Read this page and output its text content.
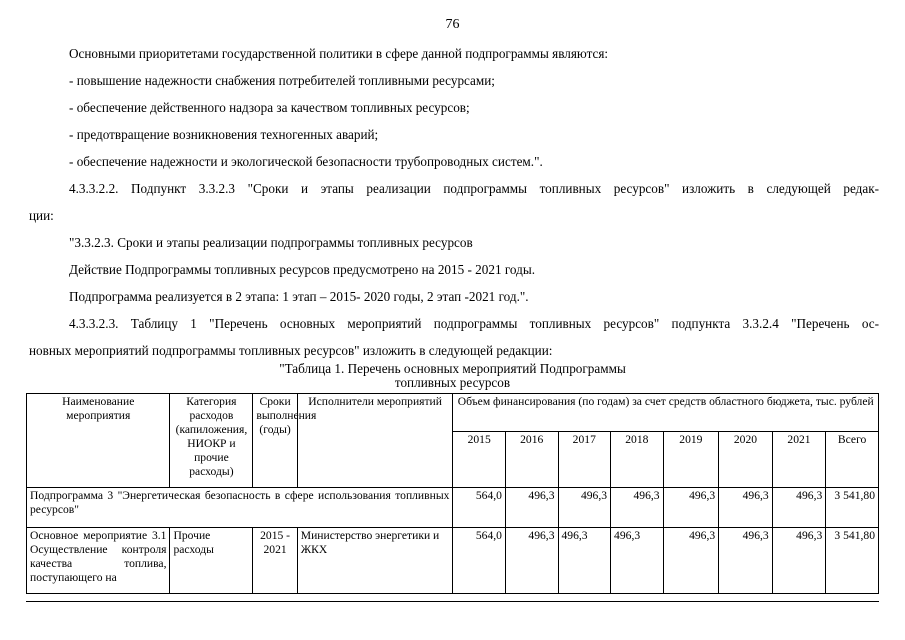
76
Основными приоритетами государственной политики в сфере данной подпрограммы являются:
- повышение надежности снабжения потребителей топливными ресурсами;
- обеспечение действенного надзора за качеством топливных ресурсов;
- предотвращение возникновения техногенных аварий;
- обеспечение надежности и экологической безопасности трубопроводных систем.".
4.3.3.2.2. Подпункт 3.3.2.3 "Сроки и этапы реализации подпрограммы топливных ресурсов" изложить в следующей редак-
ции:
"3.3.2.3. Сроки и этапы реализации подпрограммы топливных ресурсов
Действие Подпрограммы топливных ресурсов предусмотрено на 2015 - 2021 годы.
Подпрограмма реализуется в 2 этапа: 1 этап – 2015- 2020 годы, 2 этап -2021 год.".
4.3.3.2.3. Таблицу 1 "Перечень основных мероприятий подпрограммы топливных ресурсов" подпункта 3.3.2.4 "Перечень ос-
новных мероприятий подпрограммы топливных ресурсов" изложить в следующей редакции:
"Таблица 1. Перечень основных мероприятий Подпрограммы
топливных ресурсов
Наименование мероприятия	Категория расходов (капиложения, НИОКР и прочие расходы)	Сроки выполнения (годы)	Исполнители мероприятий	Объем финансирования (по годам) за счет средств областного бюджета, тыс. рублей							
				2015	2016	2017	2018	2019	2020	2021	Всего
Подпрограмма 3 "Энергетическая безопасность в сфере использования топливных ресурсов"				564,0	496,3	496,3	496,3	496,3	496,3	496,3	3 541,80
Основное мероприятие 3.1 Осуществление контроля качества топлива, поступающего на	Прочие расходы	2015 - 2021	Министерство энергетики и ЖКХ	564,0	496,3	496,3	496,3	496,3	496,3	496,3	3 541,80
